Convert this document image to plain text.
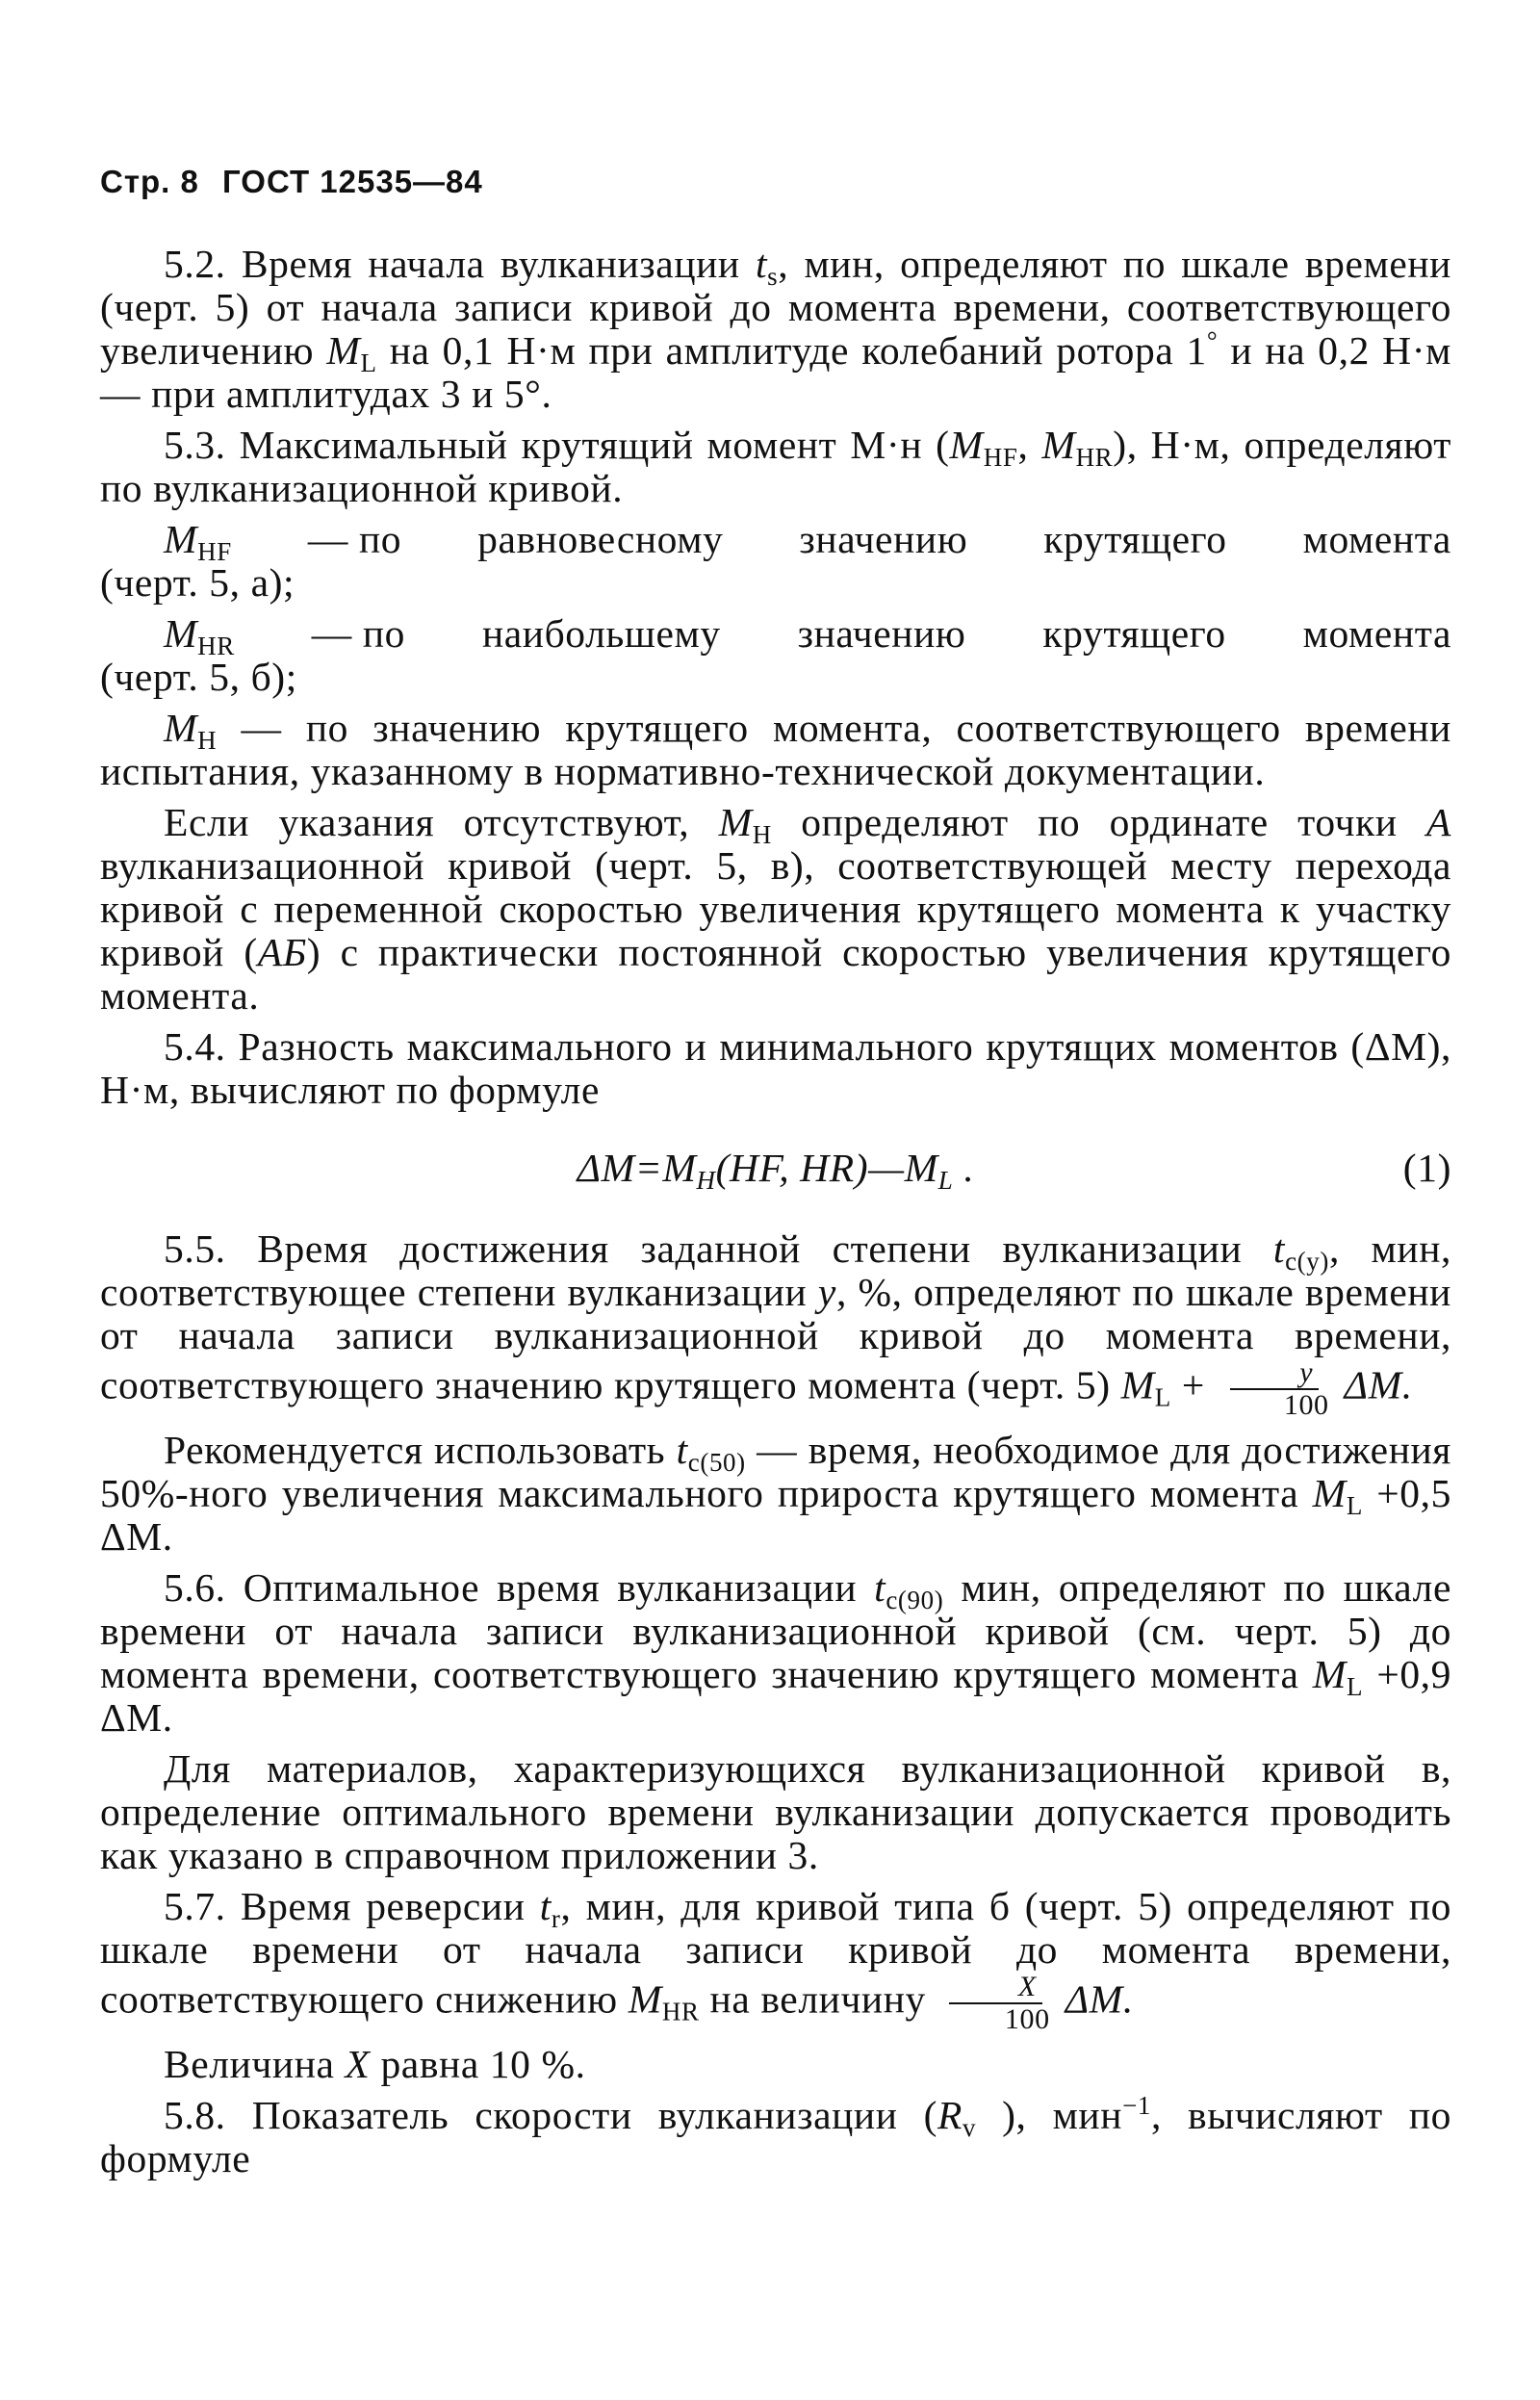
Стр. 8 ГОСТ 12535—84

5.2. Время начала вулканизации $t_s$, мин, определяют по шкале времени (черт. 5) от начала записи кривой до момента времени, соответствующего увеличению $M_L$ на 0,1 Н·м при амплитуде колебаний ротора 1° и на 0,2 Н·м — при амплитудах 3 и 5°.

5.3. Максимальный крутящий момент М·н ($M_{HF}$, $M_{HR}$), Н·м, определяют по вулканизационной кривой.

$M_{HF}$ — по равновесному значению крутящего момента

(черт. 5, а);

$M_{HR}$ — по наибольшему значению крутящего момента

(черт. 5, б);

$M_H$ — по значению крутящего момента, соответствующего времени испытания, указанному в нормативно-технической документации.

Если указания отсутствуют, $M_H$ определяют по ординате точки A вулканизационной кривой (черт. 5, в), соответствующей месту перехода кривой с переменной скоростью увеличения крутящего момента к участку кривой (АБ) с практически постоянной скоростью увеличения крутящего момента.

5.4. Разность максимального и минимального крутящих моментов (ΔM), Н·м, вычисляют по формуле

$\Delta M=M_H(HF$, $HR)—M_L$ .	(1)

5.5. Время достижения заданной степени вулканизации $t_{c(y)}$, мин, соответствующее степени вулканизации y, %, определяют по шкале времени от начала записи вулканизационной кривой до момента времени, соответствующего значению крутящего момента (черт. 5) $M_L + \frac{y}{100} \Delta M$.

Рекомендуется использовать $t_{c(50)}$ — время, необходимое для достижения 50%-ного увеличения максимального прироста крутящего момента $M_L +0,5$ ΔM.

5.6. Оптимальное время вулканизации $t_{c(90)}$ мин, определяют по шкале времени от начала записи вулканизационной кривой (см. черт. 5) до момента времени, соответствующего значению крутящего момента $M_L +0,9$ ΔM.

Для материалов, характеризующихся вулканизационной кривой в, определение оптимального времени вулканизации допускается проводить как указано в справочном приложении 3.

5.7. Время реверсии $t_r$, мин, для кривой типа б (черт. 5) определяют по шкале времени от начала записи кривой до момента времени, соответствующего снижению $M_{HR}$ на величину $\frac{X}{100} \Delta M$.

Величина X равна 10 %.

5.8. Показатель скорости вулканизации ($R_v$ ), мин$^{-1}$, вычисляют по формуле
